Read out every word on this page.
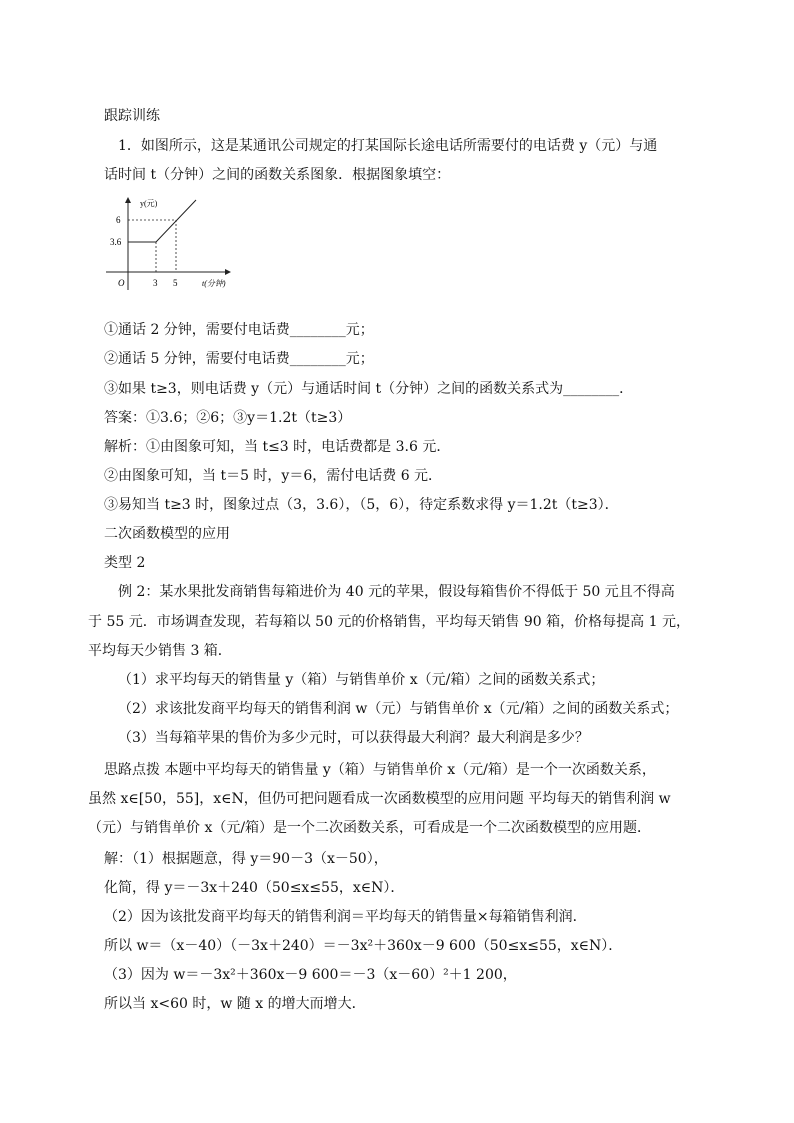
跟踪训练
1．如图所示，这是某通讯公司规定的打某国际长途电话所需要付的电话费 y（元）与通
话时间 t（分钟）之间的函数关系图象．根据图象填空：
y(元)
t(分钟)
O
6
3.6
3 5
①通话 2 分钟，需要付电话费________元；
②通话 5 分钟，需要付电话费________元；
③如果 t≥3，则电话费 y（元）与通话时间 t（分钟）之间的函数关系式为________．
答案：①3.6；②6；③y＝1.2t（t≥3）
解析：①由图象可知，当 t≤3 时，电话费都是 3.6 元．
②由图象可知，当 t＝5 时，y＝6，需付电话费 6 元．
③易知当 t≥3 时，图象过点（3，3.6），（5，6），待定系数求得 y＝1.2t（t≥3）．
二次函数模型的应用
类型 2
例 2：某水果批发商销售每箱进价为 40 元的苹果，假设每箱售价不得低于 50 元且不得高
于 55 元．市场调查发现，若每箱以 50 元的价格销售，平均每天销售 90 箱，价格每提高 1 元，
平均每天少销售 3 箱．
（1）求平均每天的销售量 y（箱）与销售单价 x（元/箱）之间的函数关系式；
（2）求该批发商平均每天的销售利润 w（元）与销售单价 x（元/箱）之间的函数关系式；
（3）当每箱苹果的售价为多少元时，可以获得最大利润？最大利润是多少？
思路点拨 本题中平均每天的销售量 y（箱）与销售单价 x（元/箱）是一个一次函数关系，
虽然 x∈[50，55]，x∈N，但仍可把问题看成一次函数模型的应用问题 平均每天的销售利润 w
（元）与销售单价 x（元/箱）是一个二次函数关系，可看成是一个二次函数模型的应用题．
解：（1）根据题意，得 y＝90－3（x－50），
化简，得 y＝－3x＋240（50≤x≤55，x∈N）．
（2）因为该批发商平均每天的销售利润＝平均每天的销售量×每箱销售利润．
所以 w＝（x－40）（－3x＋240）＝－3x²＋360x－9 600（50≤x≤55，x∈N）．
（3）因为 w＝－3x²＋360x－9 600＝－3（x－60）²＋1 200，
所以当 x<60 时，w 随 x 的增大而增大．
